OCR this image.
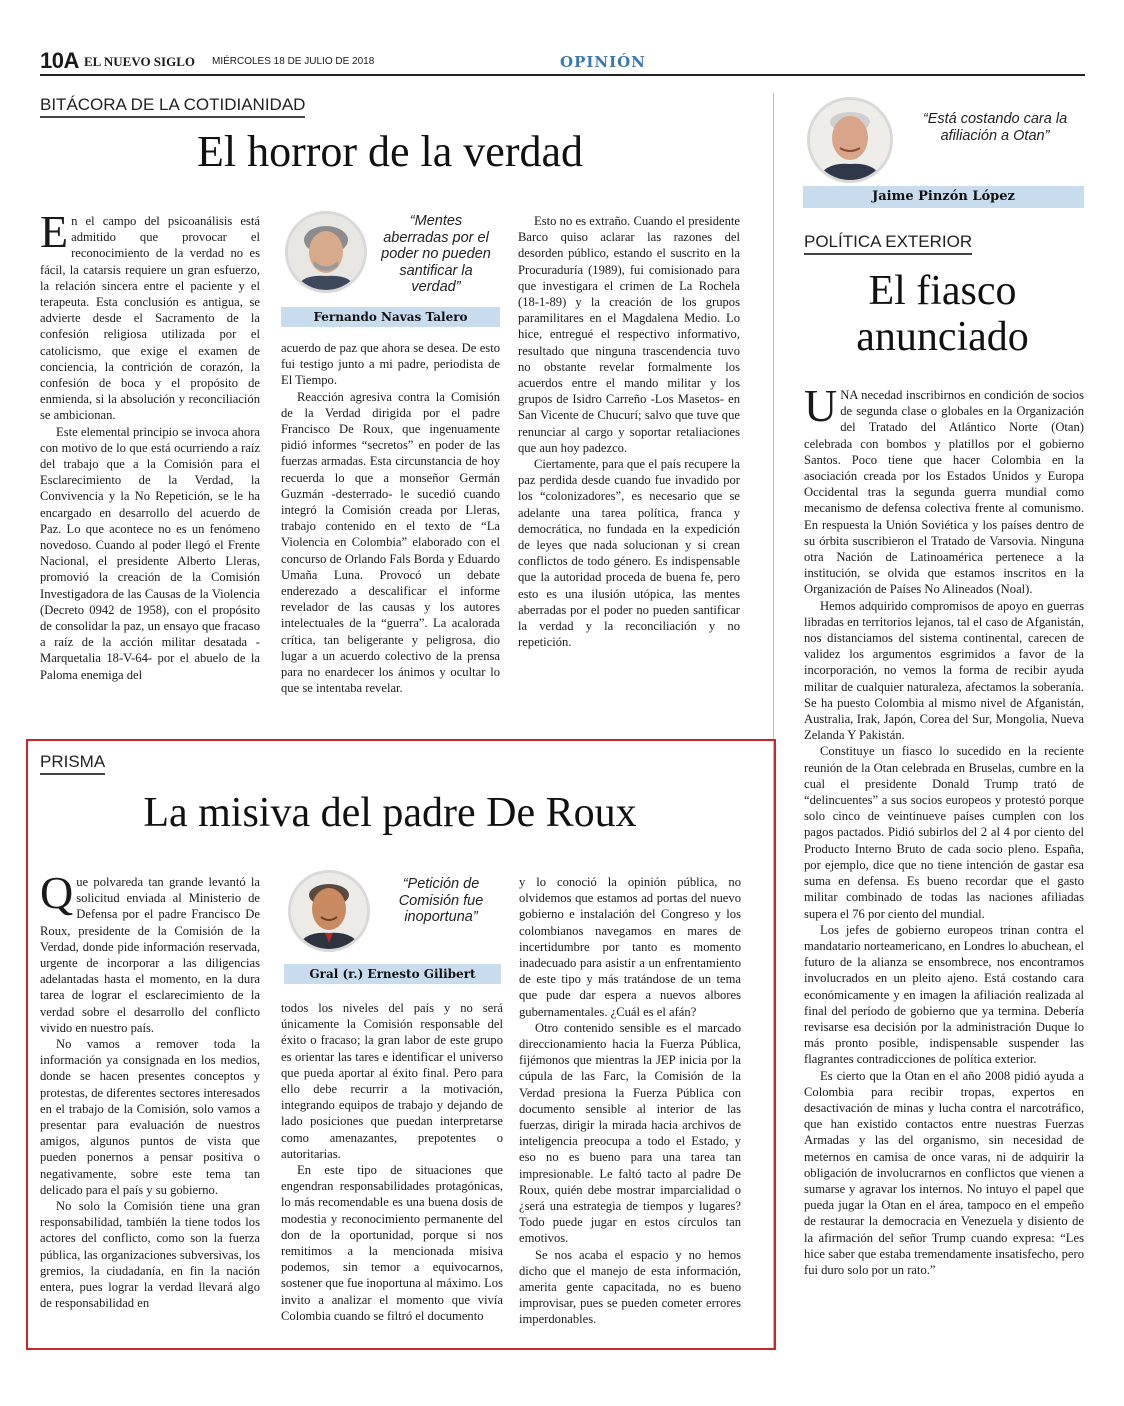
10A EL NUEVO SIGLO MIÉRCOLES 18 DE JULIO DE 2018	OPINIÓN
BITÁCORA DE LA COTIDIANIDAD
El horror de la verdad

En el campo del psicoanálisis está admitido que provocar el reconocimiento de la verdad no es fácil, la catarsis requiere un gran esfuerzo, la relación sincera entre el paciente y el terapeuta. Esta conclusión es antigua, se advierte desde el Sacramento de la confesión religiosa utilizada por el catolicismo, que exige el examen de conciencia, la contrición de corazón, la confesión de boca y el propósito de enmienda, si la absolución y reconciliación se ambicionan.

Este elemental principio se invoca ahora con motivo de lo que está ocurriendo a raíz del trabajo que a la Comisión para el Esclarecimiento de la Verdad, la Convivencia y la No Repetición, se le ha encargado en desarrollo del acuerdo de Paz. Lo que acontece no es un fenómeno novedoso. Cuando al poder llegó el Frente Nacional, el presidente Alberto Lleras, promovió la creación de la Comisión Investigadora de las Causas de la Violencia (Decreto 0942 de 1958), con el propósito de consolidar la paz, un ensayo que fracaso a raíz de la acción militar desatada -Marquetalia 18-V-64- por el abuelo de la Paloma enemiga del

“Mentes aberradas por el poder no pueden santificar la verdad”
Fernando Navas Talero

acuerdo de paz que ahora se desea. De esto fui testigo junto a mi padre, periodista de El Tiempo.

Reacción agresiva contra la Comisión de la Verdad dirigida por el padre Francisco De Roux, que ingenuamente pidió informes “secretos” en poder de las fuerzas armadas. Esta circunstancia de hoy recuerda lo que a monseñor Germán Guzmán -desterrado- le sucedió cuando integró la Comisión creada por Lleras, trabajo contenido en el texto de “La Violencia en Colombia” elaborado con el concurso de Orlando Fals Borda y Eduardo Umaña Luna. Provocó un debate enderezado a descalificar el informe revelador de las causas y los autores intelectuales de la “guerra”. La acalorada crítica, tan beligerante y peligrosa, dio lugar a un acuerdo colectivo de la prensa para no enardecer los ánimos y ocultar lo que se intentaba revelar.

Esto no es extraño. Cuando el presidente Barco quiso aclarar las razones del desorden público, estando el suscrito en la Procuraduría (1989), fui comisionado para que investigara el crimen de La Rochela (18-1-89) y la creación de los grupos paramilitares en el Magdalena Medio. Lo hice, entregué el respectivo informativo, resultado que ninguna trascendencia tuvo no obstante revelar formalmente los acuerdos entre el mando militar y los grupos de Isidro Carreño -Los Masetos- en San Vicente de Chucurí; salvo que tuve que renunciar al cargo y soportar retaliaciones que aun hoy padezco.

Ciertamente, para que el país recupere la paz perdida desde cuando fue invadido por los “colonizadores”, es necesario que se adelante una tarea política, franca y democrática, no fundada en la expedición de leyes que nada solucionan y si crean conflictos de todo género. Es indispensable que la autoridad proceda de buena fe, pero esto es una ilusión utópica, las mentes aberradas por el poder no pueden santificar la verdad y la reconciliación y no repetición.

PRISMA
La misiva del padre De Roux

Que polvareda tan grande levantó la solicitud enviada al Ministerio de Defensa por el padre Francisco De Roux, presidente de la Comisión de la Verdad, donde pide información reservada, urgente de incorporar a las diligencias adelantadas hasta el momento, en la dura tarea de lograr el esclarecimiento de la verdad sobre el desarrollo del conflicto vivido en nuestro país.

No vamos a remover toda la información ya consignada en los medios, donde se hacen presentes conceptos y protestas, de diferentes sectores interesados en el trabajo de la Comisión, solo vamos a presentar para evaluación de nuestros amigos, algunos puntos de vista que pueden ponernos a pensar positiva o negativamente, sobre este tema tan delicado para el país y su gobierno.

No solo la Comisión tiene una gran responsabilidad, también la tiene todos los actores del conflicto, como son la fuerza pública, las organizaciones subversivas, los gremios, la ciudadanía, en fin la nación entera, pues lograr la verdad llevará algo de responsabilidad en

“Petición de Comisión fue inoportuna”
Gral (r.) Ernesto Gilibert

todos los niveles del país y no será únicamente la Comisión responsable del éxito o fracaso; la gran labor de este grupo es orientar las tares e identificar el universo que pueda aportar al éxito final. Pero para ello debe recurrir a la motivación, integrando equipos de trabajo y dejando de lado posiciones que puedan interpretarse como amenazantes, prepotentes o autoritarias.

En este tipo de situaciones que engendran responsabilidades protagónicas, lo más recomendable es una buena dosis de modestia y reconocimiento permanente del don de la oportunidad, porque si nos remitimos a la mencionada misiva podemos, sin temor a equivocarnos, sostener que fue inoportuna al máximo. Los invito a analizar el momento que vivía Colombia cuando se filtró el documento

y lo conoció la opinión pública, no olvidemos que estamos ad portas del nuevo gobierno e instalación del Congreso y los colombianos navegamos en mares de incertidumbre por tanto es momento inadecuado para asistir a un enfrentamiento de este tipo y más tratándose de un tema que pude dar espera a nuevos albores gubernamentales. ¿Cuál es el afán?

Otro contenido sensible es el marcado direccionamiento hacia la Fuerza Pública, fijémonos que mientras la JEP inicia por la cúpula de las Farc, la Comisión de la Verdad presiona la Fuerza Pública con documento sensible al interior de las fuerzas, dirigir la mirada hacia archivos de inteligencia preocupa a todo el Estado, y eso no es bueno para una tarea tan impresionable. Le faltó tacto al padre De Roux, quién debe mostrar imparcialidad o ¿será una estrategia de tiempos y lugares? Todo puede jugar en estos círculos tan emotivos.

Se nos acaba el espacio y no hemos dicho que el manejo de esta información, amerita gente capacitada, no es bueno improvisar, pues se pueden cometer errores imperdonables.

“Está costando cara la afiliación a Otan”
Jaime Pinzón López
POLÍTICA EXTERIOR
El fiasco
anunciado

UNA necedad inscribirnos en condición de socios de segunda clase o globales en la Organización del Tratado del Atlántico Norte (Otan) celebrada con bombos y platillos por el gobierno Santos. Poco tiene que hacer Colombia en la asociación creada por los Estados Unidos y Europa Occidental tras la segunda guerra mundial como mecanismo de defensa colectiva frente al comunismo. En respuesta la Unión Soviética y los países dentro de su órbita suscribieron el Tratado de Varsovia. Ninguna otra Nación de Latinoamérica pertenece a la institución, se olvida que estamos inscritos en la Organización de Países No Alineados (Noal).

Hemos adquirido compromisos de apoyo en guerras libradas en territorios lejanos, tal el caso de Afganistán, nos distanciamos del sistema continental, carecen de validez los argumentos esgrimidos a favor de la incorporación, no vemos la forma de recibir ayuda militar de cualquier naturaleza, afectamos la soberanía. Se ha puesto Colombia al mismo nivel de Afganistán, Australia, Irak, Japón, Corea del Sur, Mongolia, Nueva Zelanda Y Pakistán.

Constituye un fiasco lo sucedido en la reciente reunión de la Otan celebrada en Bruselas, cumbre en la cual el presidente Donald Trump trató de “delincuentes” a sus socios europeos y protestó porque solo cinco de veintinueve países cumplen con los pagos pactados. Pidió subirlos del 2 al 4 por ciento del Producto Interno Bruto de cada socio pleno. España, por ejemplo, dice que no tiene intención de gastar esa suma en defensa. Es bueno recordar que el gasto militar combinado de todas las naciones afiliadas supera el 76 por ciento del mundial.

Los jefes de gobierno europeos trinan contra el mandatario norteamericano, en Londres lo abuchean, el futuro de la alianza se ensombrece, nos encontramos involucrados en un pleito ajeno. Está costando cara económicamente y en imagen la afiliación realizada al final del período de gobierno que ya termina. Debería revisarse esa decisión por la administración Duque lo más pronto posible, indispensable suspender las flagrantes contradicciones de política exterior.

Es cierto que la Otan en el año 2008 pidió ayuda a Colombia para recibir tropas, expertos en desactivación de minas y lucha contra el narcotráfico, que han existido contactos entre nuestras Fuerzas Armadas y las del organismo, sin necesidad de meternos en camisa de once varas, ni de adquirir la obligación de involucrarnos en conflictos que vienen a sumarse y agravar los internos. No intuyo el papel que pueda jugar la Otan en el área, tampoco en el empeño de restaurar la democracia en Venezuela y disiento de la afirmación del señor Trump cuando expresa: “Les hice saber que estaba tremendamente insatisfecho, pero fui duro solo por un rato.”
